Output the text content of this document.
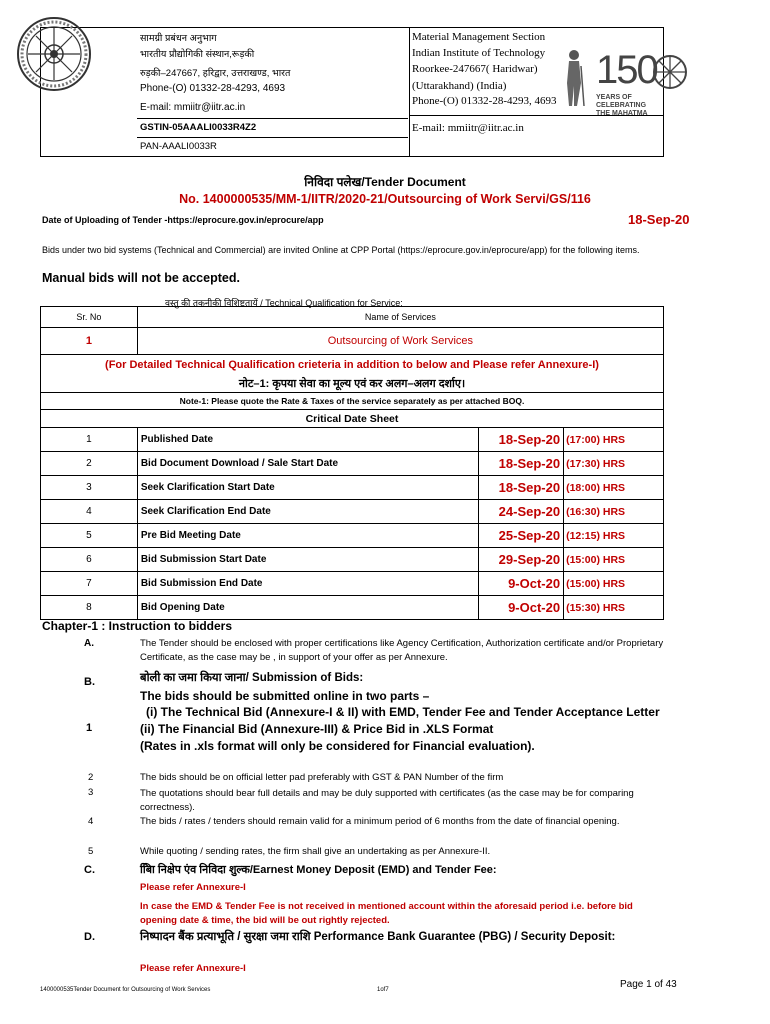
सामग्री प्रबंधन अनुभाग
भारतीय प्रौद्योगिकी संस्थान,रूड़की
रुड़की–247667, हरिद्वार, उत्तराखण्ड, भारत
Phone-(O) 01332-28-4293, 4693
E-mail: mmiitr@iitr.ac.in
GSTIN-05AAALI0033R4Z2
PAN-AAALI0033R
Material Management Section
Indian Institute of Technology
Roorkee-247667( Haridwar)
(Uttarakhand) (India)
Phone-(O) 01332-28-4293, 4693
E-mail: mmiitr@iitr.ac.in
150
YEARS OF
CELEBRATING
THE MAHATMA
निविदा पलेख/Tender Document
No. 1400000535/MM-1/IITR/2020-21/Outsourcing of Work Servi/GS/116
Date of Uploading of Tender -https://eprocure.gov.in/eprocure/app	18-Sep-20
Bids under two bid systems (Technical and Commercial) are invited Online at CPP Portal (https://eprocure.gov.in/eprocure/app) for the following items.
Manual bids will not be accepted.
वस्तु की तकनीकी विशिष्टतायें / Technical Qualification for Service:
Sr. No	Name of Services		
1	Outsourcing of Work Services		
(For Detailed Technical Qualification crieteria in addition to below and Please refer Annexure-I)			
नोट–1: कृपया सेवा का मूल्य एवं कर अलग–अलग दर्शाए।			
Note-1: Please quote the Rate & Taxes of the service separately as per attached BOQ.			
Critical Date Sheet			
1	Published Date	18-Sep-20	(17:00) HRS
2	Bid Document Download / Sale Start Date	18-Sep-20	(17:30) HRS
3	Seek Clarification Start Date	18-Sep-20	(18:00) HRS
4	Seek Clarification End Date	24-Sep-20	(16:30) HRS
5	Pre Bid Meeting Date	25-Sep-20	(12:15) HRS
6	Bid Submission Start Date	29-Sep-20	(15:00) HRS
7	Bid Submission End Date	9-Oct-20	(15:00) HRS
8	Bid Opening Date	9-Oct-20	(15:30) HRS
Chapter-1 : Instruction to bidders
A.	The Tender should be enclosed with proper certifications like Agency Certification, Authorization certificate and/or Proprietary Certificate, as the case may be , in support of your offer as per Annexure.
B.	बोली का जमा किया जाना/ Submission of Bids:
The bids should be submitted online in two parts –
(i) The Technical Bid (Annexure-I & II) with EMD, Tender Fee and Tender Acceptance Letter
1	(ii) The Financial Bid (Annexure-III) & Price Bid in .XLS Format
(Rates in .xls format will only be considered for Financial evaluation).
2	The bids should be on official letter pad preferably with GST & PAN Number of the firm
3	The quotations should bear full details and may be duly supported with certificates (as the case may be for comparing correctness).
4	The bids / rates / tenders should remain valid for a minimum period of 6 months from the date of financial opening.
5	While quoting / sending rates, the firm shall give an undertaking as per Annexure-II.
C.	बिाि निक्षेप एंव निविदा शुल्क/Earnest Money Deposit (EMD) and Tender Fee:
Please refer Annexure-I
In case the EMD & Tender Fee is not received in mentioned account within the aforesaid period i.e. before bid opening date & time, the bid will be out rightly rejected.
D.	निष्पादन बैंक प्रत्याभूति / सुरक्षा जमा राशि Performance Bank Guarantee (PBG) / Security Deposit:
Please refer Annexure-I
1400000535Tender Document for Outsourcing of Work Services	1of7	Page 1 of 43
